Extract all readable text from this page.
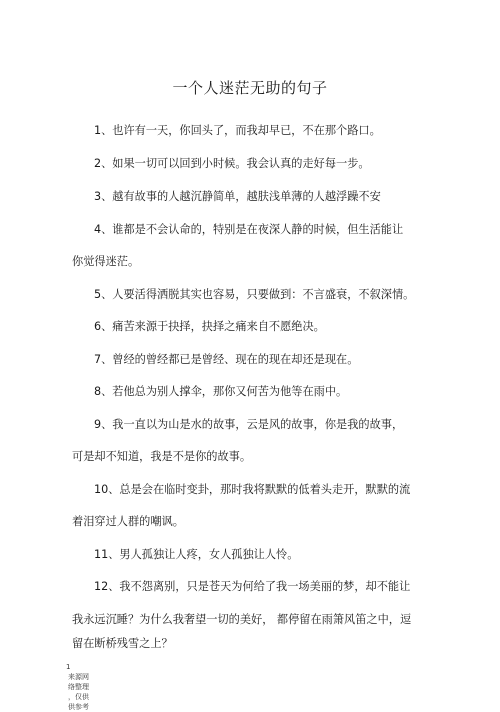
一个人迷茫无助的句子
1、也许有一天，你回头了，而我却早已，不在那个路口。
2、如果一切可以回到小时候。我会认真的走好每一步。
3、越有故事的人越沉静简单，越肤浅单薄的人越浮躁不安
4、谁都是不会认命的，特别是在夜深人静的时候，但生活能让
你觉得迷茫。
5、人要活得洒脱其实也容易，只要做到：不言盛衰，不叙深情。
6、痛苦来源于抉择，抉择之痛来自不愿绝决。
7、曾经的曾经都已是曾经、现在的现在却还是现在。
8、若他总为别人撑伞，那你又何苦为他等在雨中。
9、我一直以为山是水的故事，云是风的故事，你是我的故事，
可是却不知道，我是不是你的故事。
10、总是会在临时变卦，那时我将默默的低着头走开，默默的流
着泪穿过人群的嘲讽。
11、男人孤独让人疼，女人孤独让人怜。
12、我不怨离别，只是苍天为何给了我一场美丽的梦，却不能让
我永远沉睡？为什么我奢望一切的美好， 都停留在雨箫风笛之中，逗
留在断桥残雪之上？
1
来源网
络整理
，仅供
供参考
